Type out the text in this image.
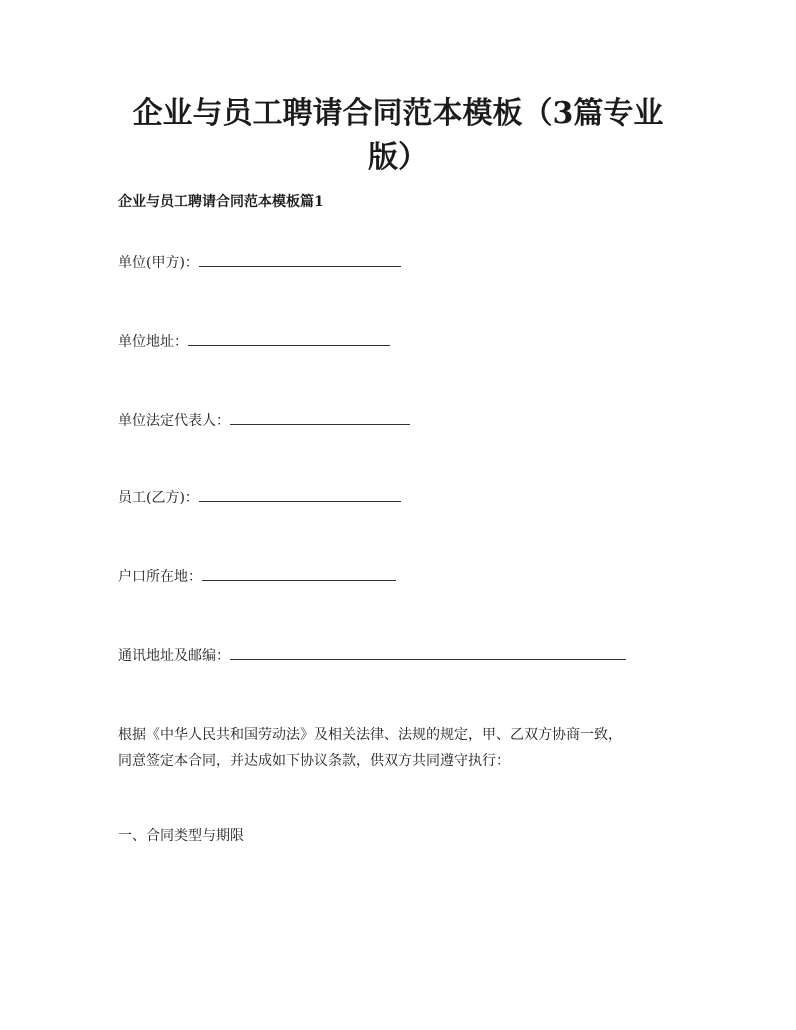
企业与员工聘请合同范本模板（3篇专业
版）
企业与员工聘请合同范本模板篇1
单位(甲方)：
单位地址：
单位法定代表人：
员工(乙方)：
户口所在地：
通讯地址及邮编：
根据《中华人民共和国劳动法》及相关法律、法规的规定，甲、乙双方协商一致，
同意签定本合同，并达成如下协议条款，供双方共同遵守执行：
一、合同类型与期限
